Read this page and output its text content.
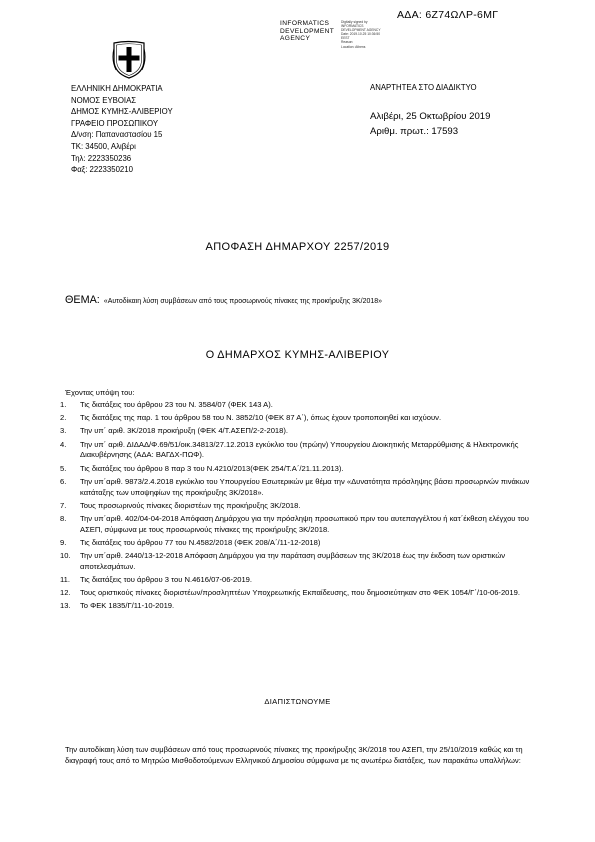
ΑΔΑ: 6Ζ74ΩΛΡ-6ΜΓ
INFORMATICS
DEVELOPMENT
AGENCY
Digitally signed by
INFORMATICS
DEVELOPMENT AGENCY
Date: 2019.10.25 10:36:50
EEST
Reason:
Location: Athens
ΕΛΛΗΝΙΚΗ ΔΗΜΟΚΡΑΤΙΑ
ΝΟΜΟΣ ΕΥΒΟΙΑΣ
ΔΗΜΟΣ ΚΥΜΗΣ-ΑΛΙΒΕΡΙΟΥ
ΓΡΑΦΕΙΟ ΠΡΟΣΩΠΙΚΟΥ
Δ/νση: Παπαναστασίου 15
ΤΚ: 34500, Αλιβέρι
Τηλ: 2223350236
Φαξ: 2223350210
ΑΝΑΡΤΗΤΕΑ ΣΤΟ ΔΙΑΔΙΚΤΥΟ
Αλιβέρι, 25 Οκτωβρίου 2019
Αριθμ. πρωτ.: 17593
ΑΠΟΦΑΣΗ ΔΗΜΑΡΧΟΥ 2257/2019
ΘΕΜΑ: «Αυτοδίκαιη λύση συμβάσεων από τους προσωρινούς πίνακες της προκήρυξης 3Κ/2018»
Ο ΔΗΜΑΡΧΟΣ ΚΥΜΗΣ-ΑΛΙΒΕΡΙΟΥ
Έχοντας υπόψη του:
1. Τις διατάξεις του άρθρου 23 του Ν. 3584/07 (ΦΕΚ 143 Α).
2. Τις διατάξεις της παρ. 1 του άρθρου 58 του Ν. 3852/10 (ΦΕΚ 87 Α΄), όπως έχουν τροποποιηθεί και ισχύουν.
3. Την υπ΄ αριθ. 3Κ/2018 προκήρυξη (ΦΕΚ 4/Τ.ΑΣΕΠ/2-2-2018).
4. Την υπ΄ αριθ. ΔΙΔΑΔ/Φ.69/51/οικ.34813/27.12.2013 εγκύκλιο του (πρώην) Υπουργείου Διοικητικής Μεταρρύθμισης & Ηλεκτρονικής Διακυβέρνησης (ΑΔΑ: ΒΑΓΔΧ-ΠΩΦ).
5. Τις διατάξεις του άρθρου 8 παρ 3 του Ν.4210/2013(ΦΕΚ 254/Τ.Α΄/21.11.2013).
6. Την υπ΄αριθ. 9873/2.4.2018 εγκύκλιο του Υπουργείου Εσωτερικών με θέμα την «Δυνατότητα πρόσληψης βάσει προσωρινών πινάκων κατάταξης των υποψηφίων της προκήρυξης 3Κ/2018».
7. Τους προσωρινούς πίνακες διοριστέων της προκήρυξης 3Κ/2018.
8. Την υπ΄αριθ. 402/04-04-2018 Απόφαση Δημάρχου για την πρόσληψη προσωπικού πριν του αυτεπαγγέλτου ή κατ΄έκθεση ελέγχου του ΑΣΕΠ, σύμφωνα με τους προσωρινούς πίνακες της προκήρυξης 3Κ/2018.
9. Τις διατάξεις του άρθρου 77 του Ν.4582/2018 (ΦΕΚ 208/Α΄/11-12-2018)
10. Την υπ΄αριθ. 2440/13-12-2018 Απόφαση Δημάρχου για την παράταση συμβάσεων της 3Κ/2018 έως την έκδοση των οριστικών αποτελεσμάτων.
11. Τις διατάξεις του άρθρου 3 του Ν.4616/07-06-2019.
12. Τους οριστικούς πίνακες διοριστέων/προσληπτέων Υποχρεωτικής Εκπαίδευσης, που δημοσιεύτηκαν στο ΦΕΚ 1054/Γ΄/10-06-2019.
13. Το ΦΕΚ 1835/Γ/11-10-2019.
ΔΙΑΠΙΣΤΩΝΟΥΜΕ
Την αυτοδίκαιη λύση των συμβάσεων από τους προσωρινούς πίνακες της προκήρυξης 3Κ/2018 του ΑΣΕΠ, την 25/10/2019 καθώς και τη διαγραφή τους από το Μητρώο Μισθοδοτούμενων Ελληνικού Δημοσίου σύμφωνα με τις ανωτέρω διατάξεις, των παρακάτω υπαλλήλων:
